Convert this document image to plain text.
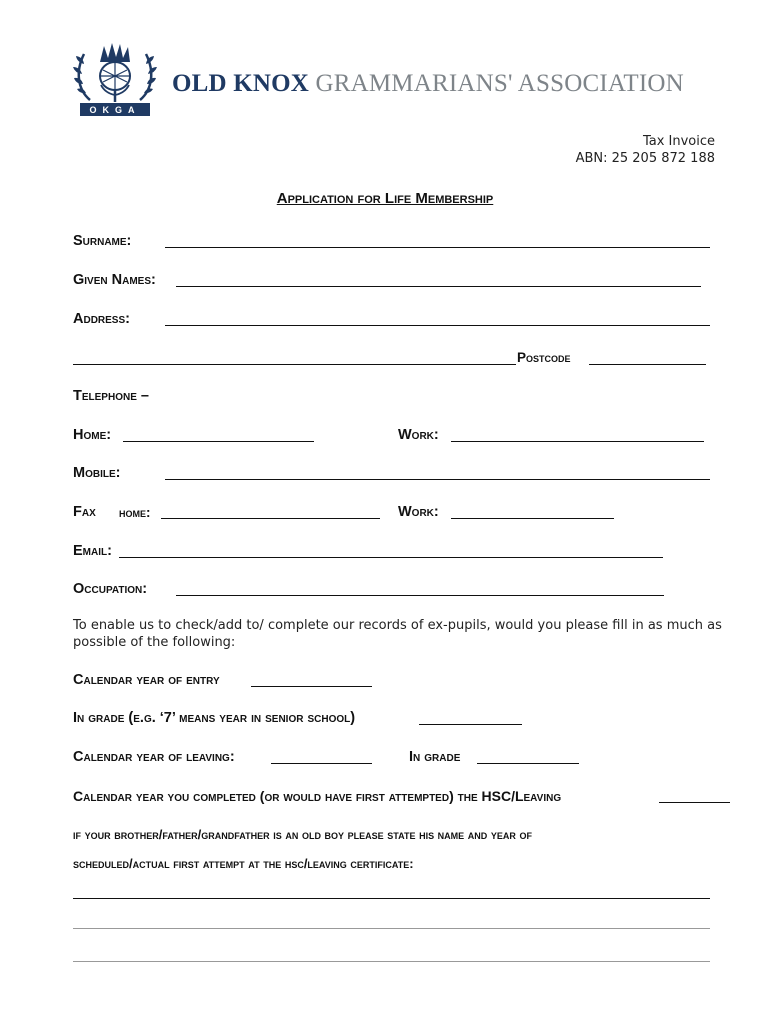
OKGA
OLD KNOX GRAMMARIANS' ASSOCIATION
Tax Invoice
ABN: 25 205 872 188
Application for Life Membership
Surname:
Given Names:
Address:
Postcode
Telephone –
Home:	Work:
Mobile:
Fax home:	Work:
Email:
Occupation:
To enable us to check/add to/ complete our records of ex-pupils, would you please fill in as much as possible of the following:
Calendar year of entry
In grade (e.g. ‘7’ means year in senior school)
Calendar year of leaving:	In grade
Calendar year you completed (or would have first attempted) the HSC/Leaving
if your brother/father/grandfather is an old boy please state his name and year of
scheduled/actual first attempt at the hsc/leaving certificate:
